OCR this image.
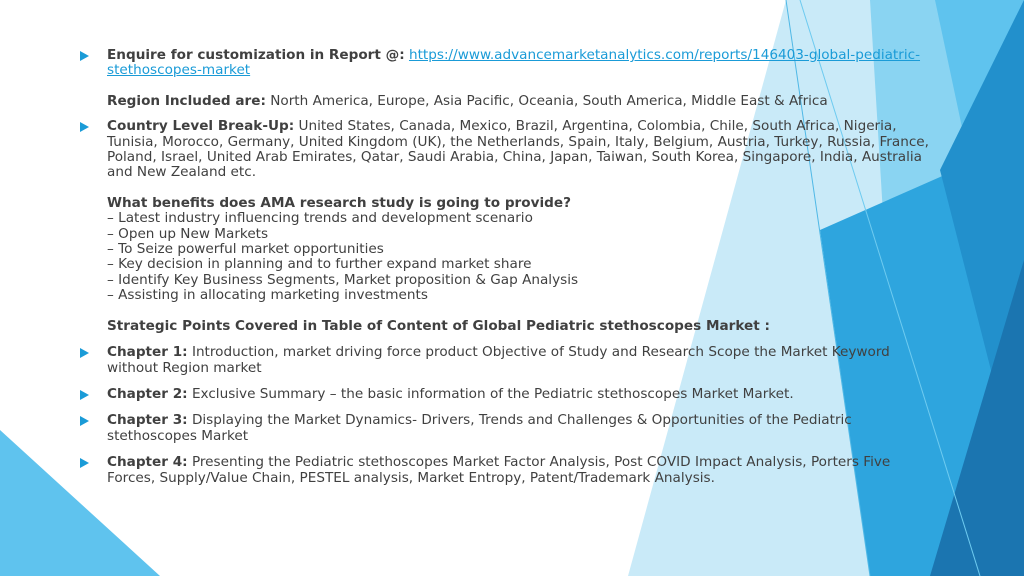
Enquire for customization in Report @: https://www.advancemarketanalytics.com/reports/146403-global-pediatric-stethoscopes-market
Region Included are: North America, Europe, Asia Pacific, Oceania, South America, Middle East & Africa
Country Level Break-Up: United States, Canada, Mexico, Brazil, Argentina, Colombia, Chile, South Africa, Nigeria, Tunisia, Morocco, Germany, United Kingdom (UK), the Netherlands, Spain, Italy, Belgium, Austria, Turkey, Russia, France, Poland, Israel, United Arab Emirates, Qatar, Saudi Arabia, China, Japan, Taiwan, South Korea, Singapore, India, Australia and New Zealand etc.
What benefits does AMA research study is going to provide?
– Latest industry influencing trends and development scenario
– Open up New Markets
– To Seize powerful market opportunities
– Key decision in planning and to further expand market share
– Identify Key Business Segments, Market proposition & Gap Analysis
– Assisting in allocating marketing investments
Strategic Points Covered in Table of Content of Global Pediatric stethoscopes Market :
Chapter 1: Introduction, market driving force product Objective of Study and Research Scope the Market Keyword without Region market
Chapter 2: Exclusive Summary – the basic information of the Pediatric stethoscopes Market Market.
Chapter 3: Displaying the Market Dynamics- Drivers, Trends and Challenges & Opportunities of the Pediatric stethoscopes Market
Chapter 4: Presenting the Pediatric stethoscopes Market Factor Analysis, Post COVID Impact Analysis, Porters Five Forces, Supply/Value Chain, PESTEL analysis, Market Entropy, Patent/Trademark Analysis.
